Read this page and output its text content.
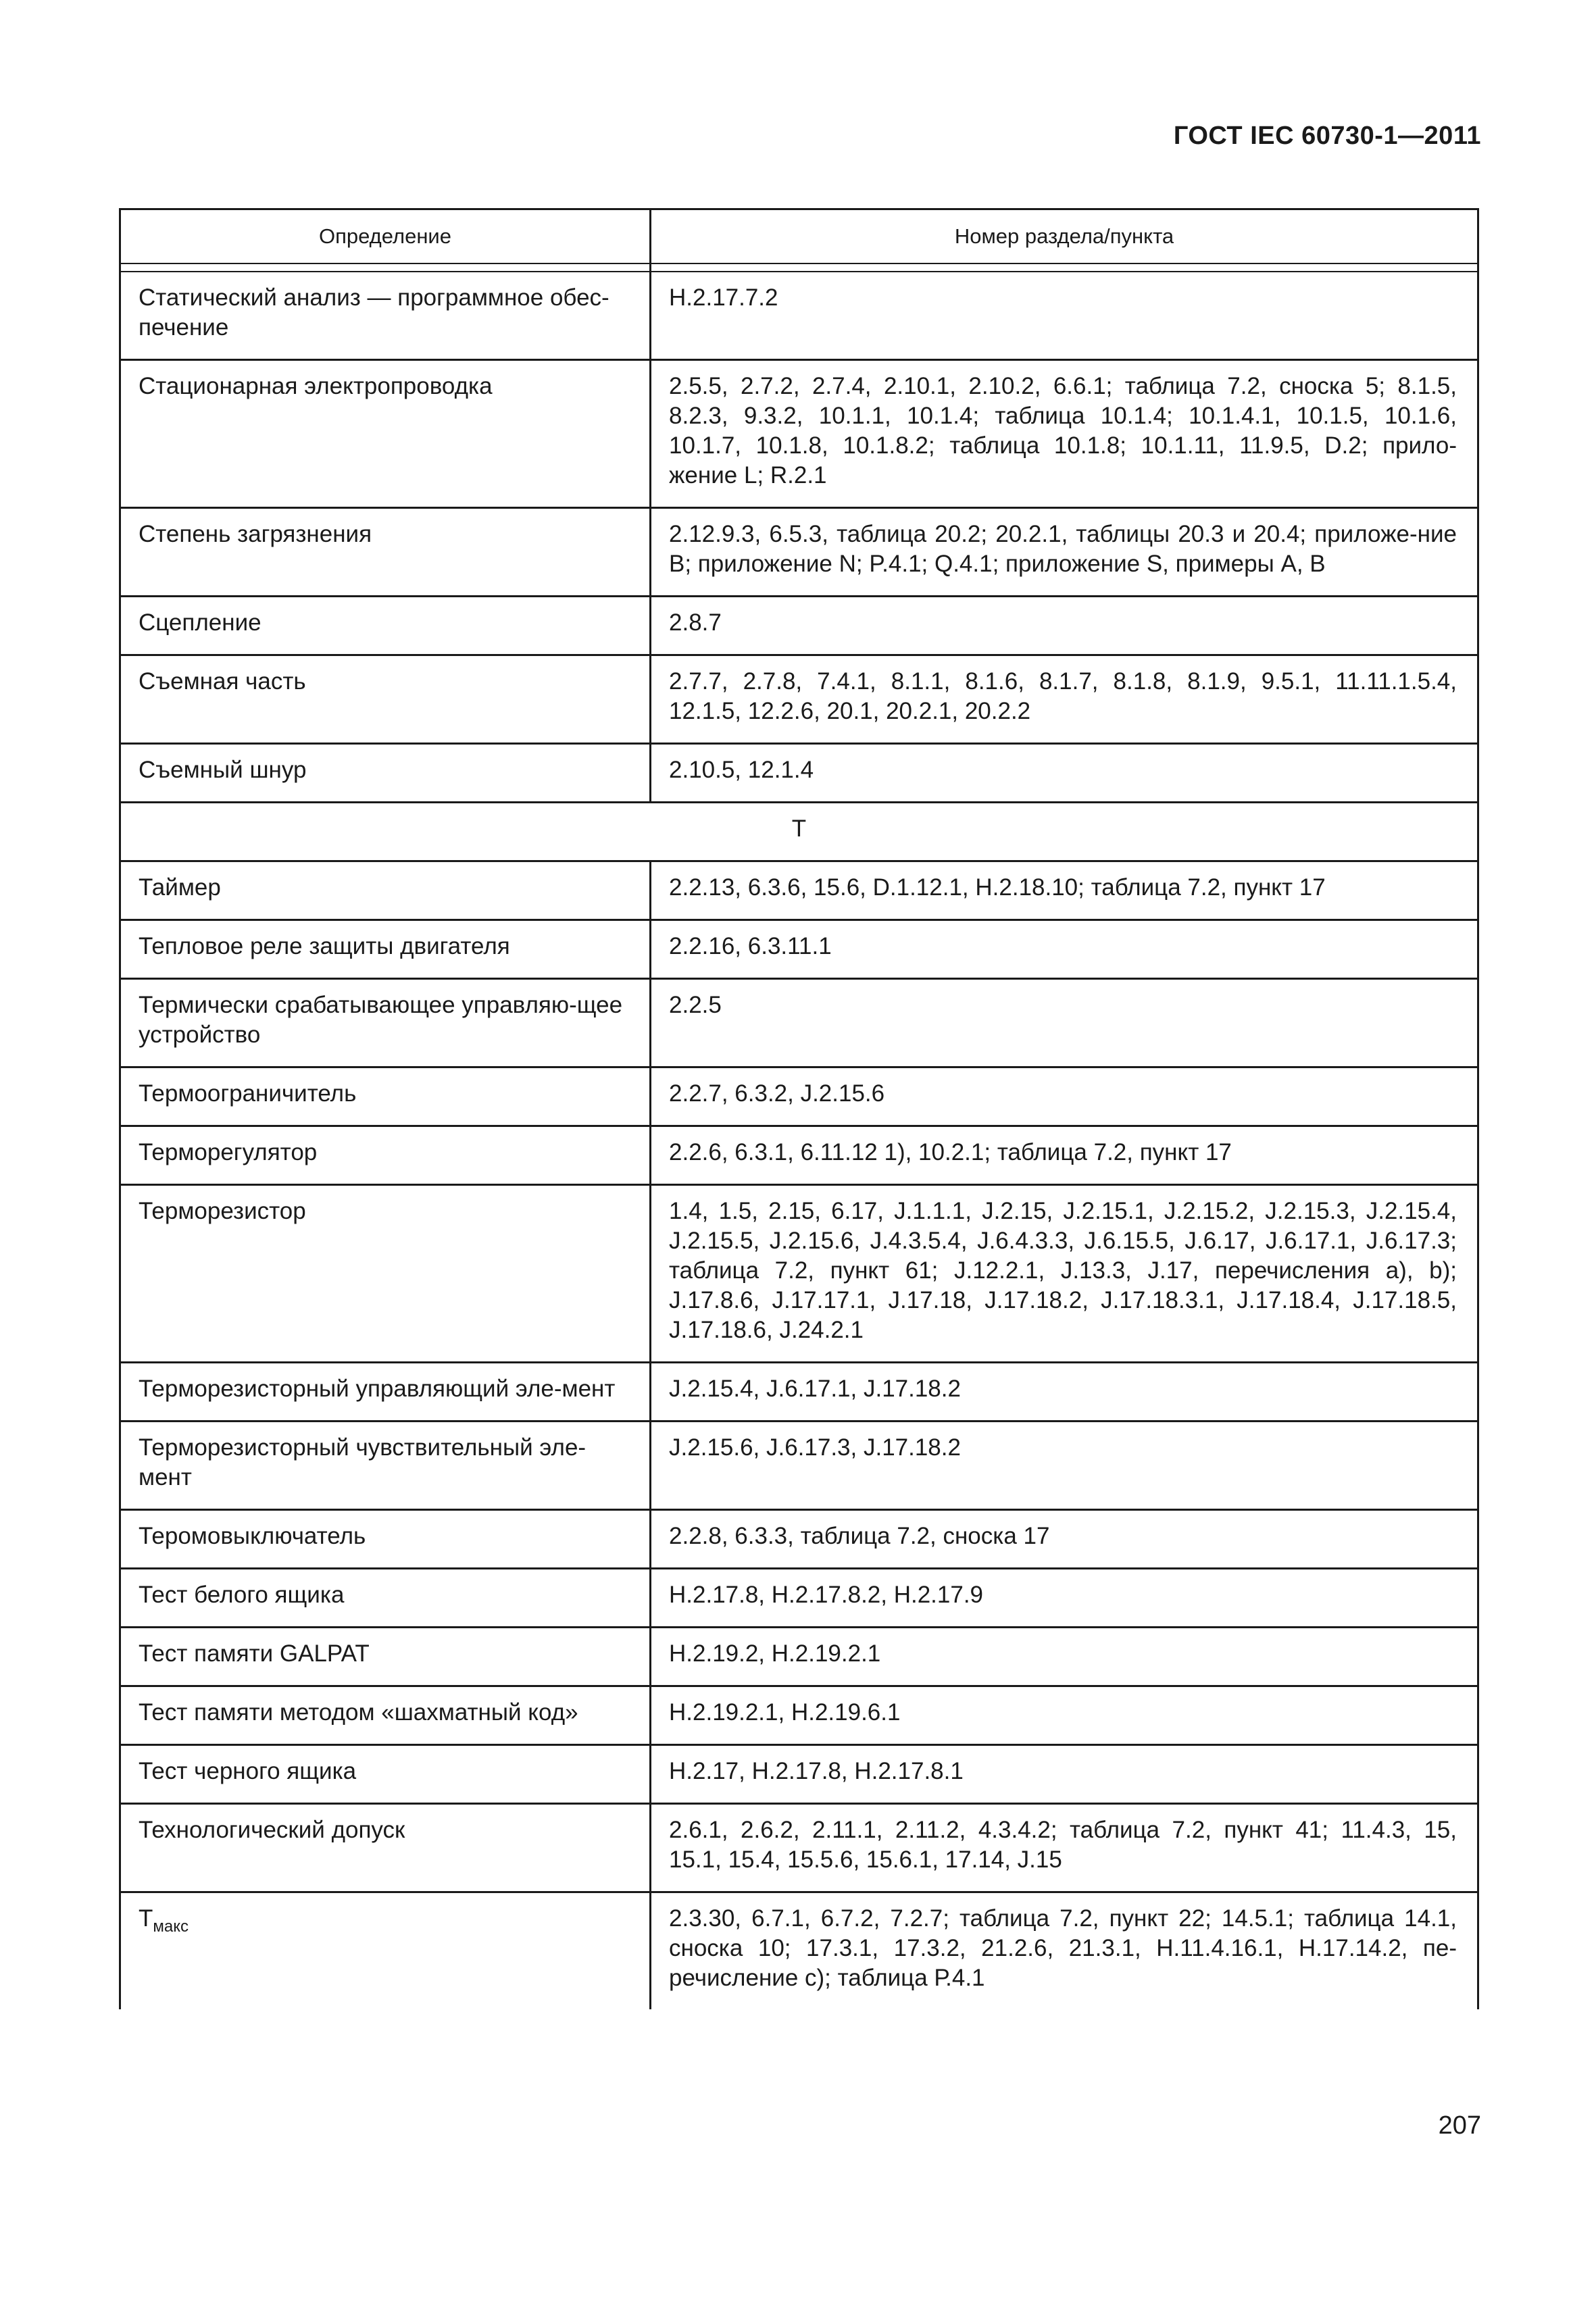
ГОСТ IEC 60730-1—2011
Определение	Номер раздела/пункта

Статический анализ — программное обес-печение	H.2.17.7.2
Стационарная электропроводка	2.5.5, 2.7.2, 2.7.4, 2.10.1, 2.10.2, 6.6.1; таблица 7.2, сноска 5; 8.1.5, 8.2.3, 9.3.2, 10.1.1, 10.1.4; таблица 10.1.4; 10.1.4.1, 10.1.5, 10.1.6, 10.1.7, 10.1.8, 10.1.8.2; таблица 10.1.8; 10.1.11, 11.9.5, D.2; прило-жение L; R.2.1
Степень загрязнения	2.12.9.3, 6.5.3, таблица 20.2; 20.2.1, таблицы 20.3 и 20.4; приложе-ние В; приложение N; P.4.1; Q.4.1; приложение S, примеры А, В
Сцепление	2.8.7
Съемная часть	2.7.7, 2.7.8, 7.4.1, 8.1.1, 8.1.6, 8.1.7, 8.1.8, 8.1.9, 9.5.1, 11.11.1.5.4, 12.1.5, 12.2.6, 20.1, 20.2.1, 20.2.2
Съемный шнур	2.10.5, 12.1.4
Т	
Таймер	2.2.13, 6.3.6, 15.6, D.1.12.1, H.2.18.10; таблица 7.2, пункт 17
Тепловое реле защиты двигателя	2.2.16, 6.3.11.1
Термически срабатывающее управляю-щее устройство	2.2.5
Термоограничитель	2.2.7, 6.3.2, J.2.15.6
Терморегулятор	2.2.6, 6.3.1, 6.11.12 1), 10.2.1; таблица 7.2, пункт 17
Терморезистор	1.4, 1.5, 2.15, 6.17, J.1.1.1, J.2.15, J.2.15.1, J.2.15.2, J.2.15.3, J.2.15.4, J.2.15.5, J.2.15.6, J.4.3.5.4, J.6.4.3.3, J.6.15.5, J.6.17, J.6.17.1, J.6.17.3; таблица 7.2, пункт 61; J.12.2.1, J.13.3, J.17, перечисления a), b); J.17.8.6, J.17.17.1, J.17.18, J.17.18.2, J.17.18.3.1, J.17.18.4, J.17.18.5, J.17.18.6, J.24.2.1
Терморезисторный управляющий эле-мент	J.2.15.4, J.6.17.1, J.17.18.2
Терморезисторный чувствительный эле-мент	J.2.15.6, J.6.17.3, J.17.18.2
Теромовыключатель	2.2.8, 6.3.3, таблица 7.2, сноска 17
Тест белого ящика	H.2.17.8, H.2.17.8.2, H.2.17.9
Тест памяти GALPAT	H.2.19.2, H.2.19.2.1
Тест памяти методом «шахматный код»	H.2.19.2.1, H.2.19.6.1
Тест черного ящика	H.2.17, H.2.17.8, H.2.17.8.1
Технологический допуск	2.6.1, 2.6.2, 2.11.1, 2.11.2, 4.3.4.2; таблица 7.2, пункт 41; 11.4.3, 15, 15.1, 15.4, 15.5.6, 15.6.1, 17.14, J.15
$T_{макс}$	2.3.30, 6.7.1, 6.7.2, 7.2.7; таблица 7.2, пункт 22; 14.5.1; таблица 14.1, сноска 10; 17.3.1, 17.3.2, 21.2.6, 21.3.1, H.11.4.16.1, H.17.14.2, пе-речисление с); таблица Р.4.1
207
